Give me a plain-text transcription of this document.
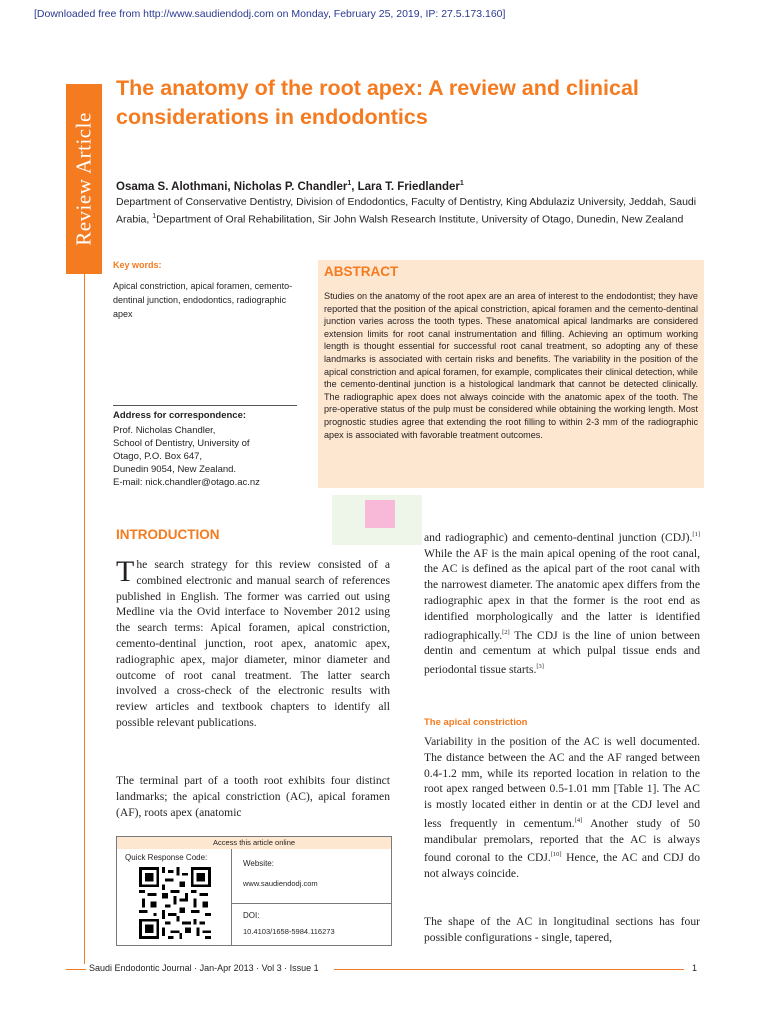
[Downloaded free from http://www.saudiendodj.com on Monday, February 25, 2019, IP: 27.5.173.160]
Review Article
The anatomy of the root apex: A review and clinical considerations in endodontics
Osama S. Alothmani, Nicholas P. Chandler$^1$, Lara T. Friedlander$^1$
Department of Conservative Dentistry, Division of Endodontics, Faculty of Dentistry, King Abdulaziz University, Jeddah, Saudi Arabia, $^1$Department of Oral Rehabilitation, Sir John Walsh Research Institute, University of Otago, Dunedin, New Zealand
Key words:
Apical constriction, apical foramen, cemento-dentinal junction, endodontics, radiographic apex
Address for correspondence:
Prof. Nicholas Chandler,
School of Dentistry, University of
Otago, P.O. Box 647,
Dunedin 9054, New Zealand.
E-mail: nick.chandler@otago.ac.nz
ABSTRACT
Studies on the anatomy of the root apex are an area of interest to the endodontist; they have reported that the position of the apical constriction, apical foramen and the cemento-dentinal junction varies across the tooth types. These anatomical apical landmarks are considered extension limits for root canal instrumentation and filling. Achieving an optimum working length is thought essential for successful root canal treatment, so adopting any of these landmarks is associated with certain risks and benefits. The variability in the position of the apical constriction and apical foramen, for example, complicates their clinical detection, while the cemento-dentinal junction is a histological landmark that cannot be detected clinically. The radiographic apex does not always coincide with the anatomic apex of the tooth. The pre-operative status of the pulp must be considered while obtaining the working length. Most prognostic studies agree that extending the root filling to within 2-3 mm of the radiographic apex is associated with favorable treatment outcomes.
INTRODUCTION
The search strategy for this review consisted of a combined electronic and manual search of references published in English. The former was carried out using Medline via the Ovid interface to November 2012 using the search terms: Apical foramen, apical constriction, cemento-dentinal junction, root apex, anatomic apex, radiographic apex, major diameter, minor diameter and outcome of root canal treatment. The latter search involved a cross-check of the electronic results with review articles and textbook chapters to identify all possible relevant publications.
The terminal part of a tooth root exhibits four distinct landmarks; the apical constriction (AC), apical foramen (AF), roots apex (anatomic
and radiographic) and cemento-dentinal junction (CDJ).[1] While the AF is the main apical opening of the root canal, the AC is defined as the apical part of the root canal with the narrowest diameter. The anatomic apex differs from the radiographic apex in that the former is the root end as identified morphologically and the latter is identified radiographically.[2] The CDJ is the line of union between dentin and cementum at which pulpal tissue ends and periodontal tissue starts.[3]
The apical constriction
Variability in the position of the AC is well documented. The distance between the AC and the AF ranged between 0.4-1.2 mm, while its reported location in relation to the root apex ranged between 0.5-1.01 mm [Table 1]. The AC is mostly located either in dentin or at the CDJ level and less frequently in cementum.[4] Another study of 50 mandibular premolars, reported that the AC is always found coronal to the CDJ.[10] Hence, the AC and CDJ do not always coincide.
The shape of the AC in longitudinal sections has four possible configurations - single, tapered,
Access this article online
Quick Response Code:
Website:
www.saudiendodj.com
DOI:
10.4103/1658-5984.116273
Saudi Endodontic Journal · Jan-Apr 2013 · Vol 3 · Issue 1	1
